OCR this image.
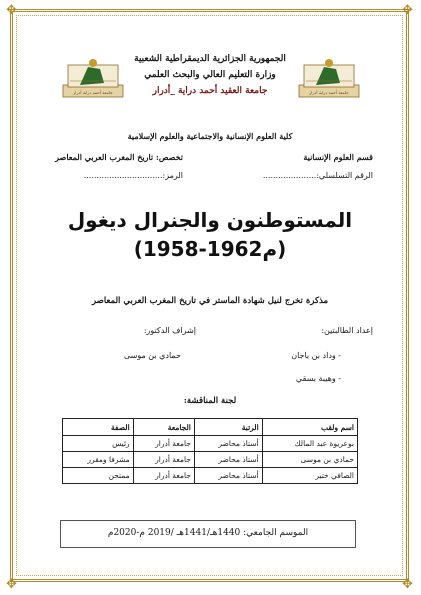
✥	✥
✥	✥
جامعة أحمد دراية أدرار
جامعة أحمد دراية أدرار
الجمهورية الجزائرية الديمقراطية الشعبية
وزارة التعليم العالي والبحث العلمي
جامعة العقيد أحمد دراية _أدرار
كلية العلوم الإنسانية والاجتماعية والعلوم الإسلامية
قسم العلوم الإنسانية
تخصص: تاريخ المغرب العربي المعاصر
الرقم التسلسلي:.....................
الرمز:...............................
المستوطنون والجنرال ديغول
(1958-1962م)
مذكرة تخرج لنيل شهادة الماستر في تاريخ المغرب العربي المعاصر
إعداد الطالبتين:
إشراف الدكتور:
- وداد بن باجان
حمادي بن موسى
- وهيبة بسقي
لجنة المناقشة:
اسم ولقب	الرتبة	الجامعة	الصفة
بوعريوة عبد المالك	أستاذ محاضر	جامعة أدرار	رئيس
حمادي بن موسى	أستاذ محاضر	جامعة أدرار	مشرفا ومقرر
الصافي ختير	أستاذ محاضر	جامعة أدرار	ممتحن
الموسم الجامعي: 1440هـ/1441هـ /2019 م-2020م
